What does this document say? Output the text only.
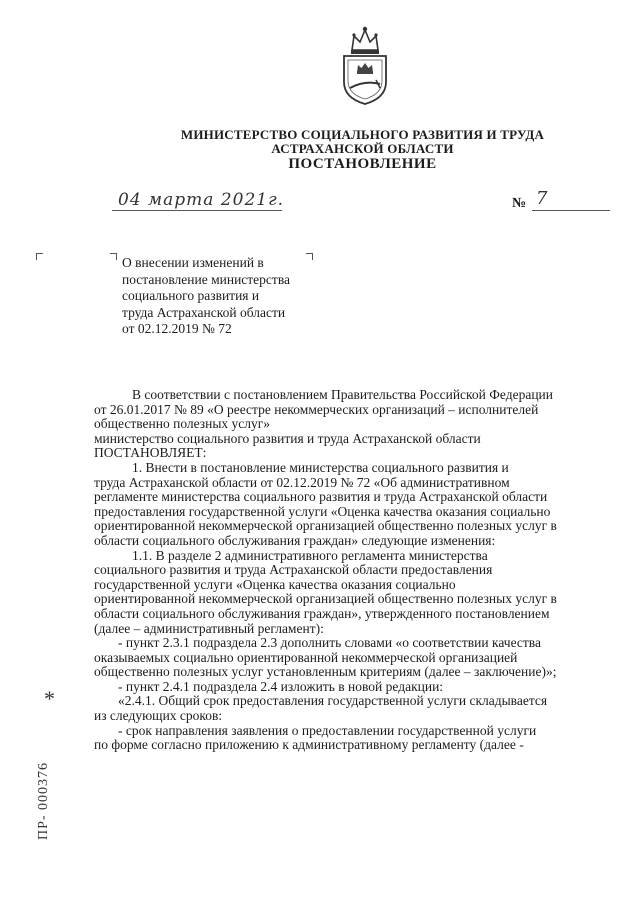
МИНИСТЕРСТВО СОЦИАЛЬНОГО РАЗВИТИЯ И ТРУДА
АСТРАХАНСКОЙ ОБЛАСТИ
ПОСТАНОВЛЕНИЕ
04 марта 2021г.	№ 7
О внесении изменений в
постановление министерства
социального развития и
труда Астраханской области
от 02.12.2019 № 72
В соответствии с постановлением Правительства Российской Федерации
от 26.01.2017 № 89 «О реестре некоммерческих организаций – исполнителей
общественно полезных услуг»
министерство социального развития и труда Астраханской области
ПОСТАНОВЛЯЕТ:
1. Внести в постановление министерства социального развития и
труда Астраханской области от 02.12.2019 № 72 «Об административном
регламенте министерства социального развития и труда Астраханской области
предоставления государственной услуги «Оценка качества оказания социально
ориентированной некоммерческой организацией общественно полезных услуг в
области социального обслуживания граждан» следующие изменения:
1.1. В разделе 2 административного регламента министерства
социального развития и труда Астраханской области предоставления
государственной услуги «Оценка качества оказания социально
ориентированной некоммерческой организацией общественно полезных услуг в
области социального обслуживания граждан», утвержденного постановлением
(далее – административный регламент):
- пункт 2.3.1 подраздела 2.3 дополнить словами «о соответствии качества
оказываемых социально ориентированной некоммерческой организацией
общественно полезных услуг установленным критериям (далее – заключение)»;
- пункт 2.4.1 подраздела 2.4 изложить в новой редакции:
«2.4.1. Общий срок предоставления государственной услуги складывается
из следующих сроков:
- срок направления заявления о предоставлении государственной услуги
по форме согласно приложению к административному регламенту (далее -
*
ПР- 000376
